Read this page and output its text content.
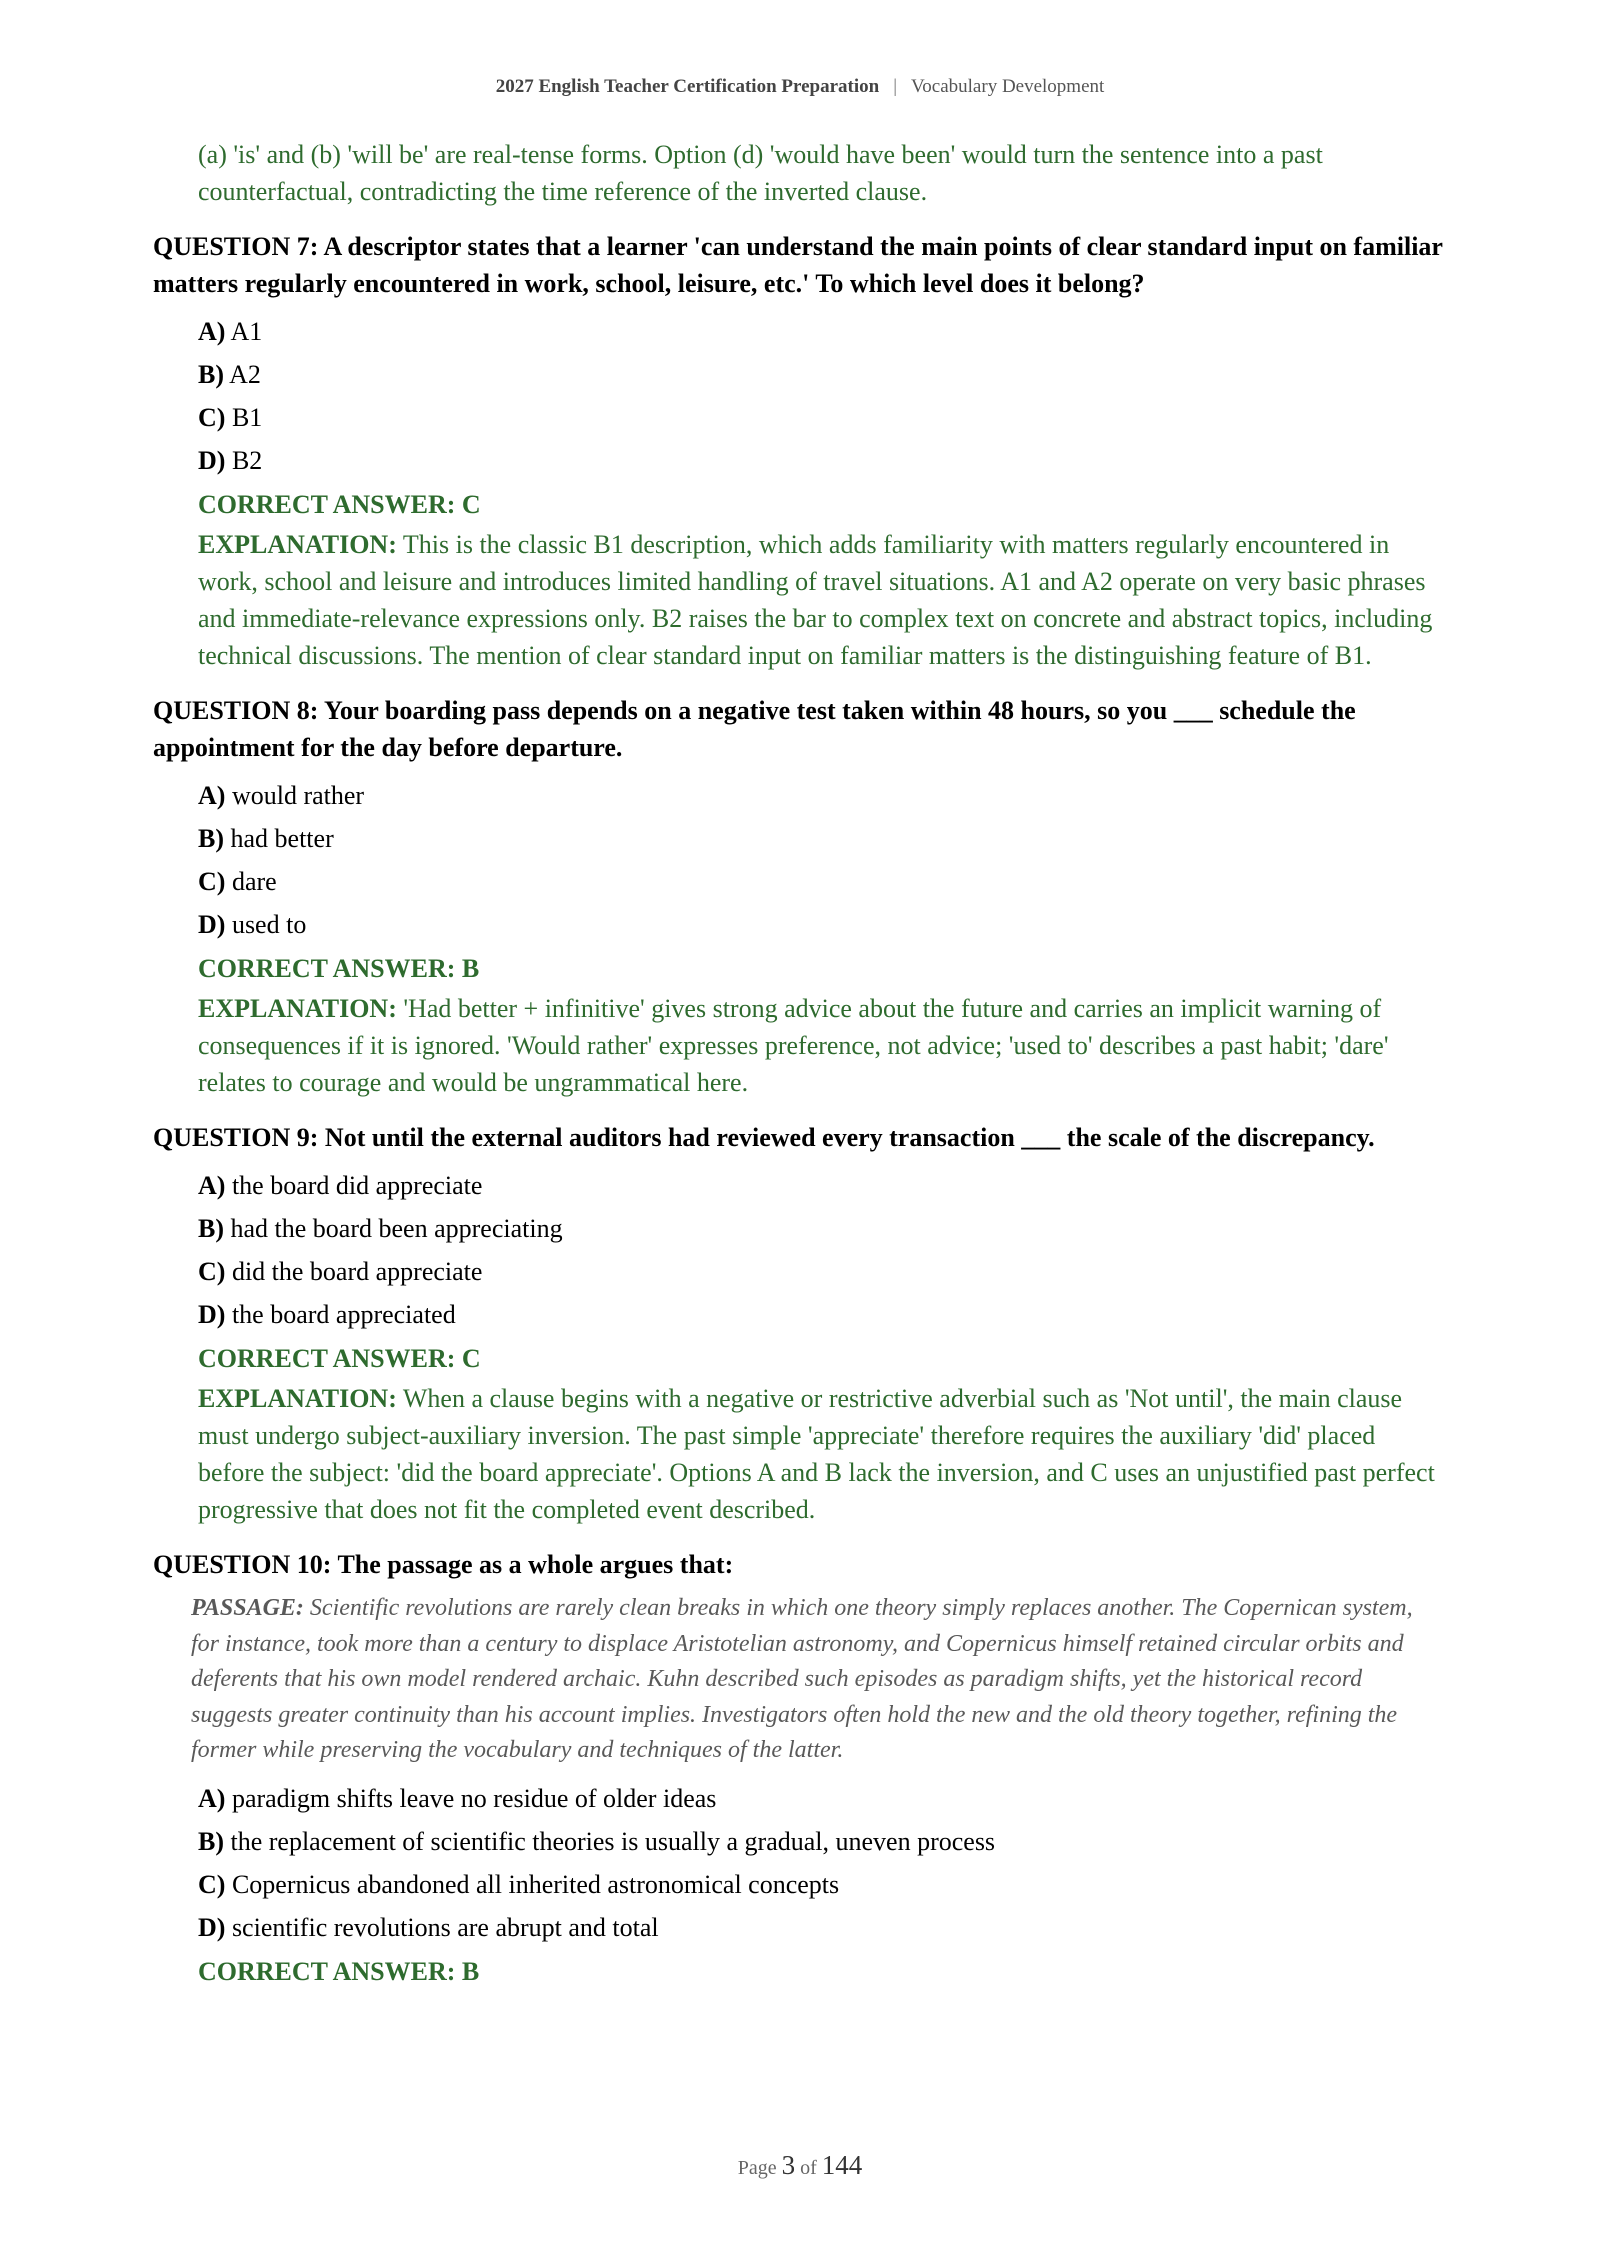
2027 English Teacher Certification Preparation | Vocabulary Development

(a) 'is' and (b) 'will be' are real-tense forms. Option (d) 'would have been' would turn the sentence into a past counterfactual, contradicting the time reference of the inverted clause.

QUESTION 7: A descriptor states that a learner 'can understand the main points of clear standard input on familiar matters regularly encountered in work, school, leisure, etc.' To which level does it belong?

A) A1
B) A2
C) B1
D) B2

CORRECT ANSWER: C

EXPLANATION: This is the classic B1 description, which adds familiarity with matters regularly encountered in work, school and leisure and introduces limited handling of travel situations. A1 and A2 operate on very basic phrases and immediate-relevance expressions only. B2 raises the bar to complex text on concrete and abstract topics, including technical discussions. The mention of clear standard input on familiar matters is the distinguishing feature of B1.

QUESTION 8: Your boarding pass depends on a negative test taken within 48 hours, so you ___ schedule the appointment for the day before departure.

A) would rather
B) had better
C) dare
D) used to

CORRECT ANSWER: B

EXPLANATION: 'Had better + infinitive' gives strong advice about the future and carries an implicit warning of consequences if it is ignored. 'Would rather' expresses preference, not advice; 'used to' describes a past habit; 'dare' relates to courage and would be ungrammatical here.

QUESTION 9: Not until the external auditors had reviewed every transaction ___ the scale of the discrepancy.

A) the board did appreciate
B) had the board been appreciating
C) did the board appreciate
D) the board appreciated

CORRECT ANSWER: C

EXPLANATION: When a clause begins with a negative or restrictive adverbial such as 'Not until', the main clause must undergo subject-auxiliary inversion. The past simple 'appreciate' therefore requires the auxiliary 'did' placed before the subject: 'did the board appreciate'. Options A and B lack the inversion, and C uses an unjustified past perfect progressive that does not fit the completed event described.

QUESTION 10: The passage as a whole argues that:

PASSAGE: Scientific revolutions are rarely clean breaks in which one theory simply replaces another. The Copernican system, for instance, took more than a century to displace Aristotelian astronomy, and Copernicus himself retained circular orbits and deferents that his own model rendered archaic. Kuhn described such episodes as paradigm shifts, yet the historical record suggests greater continuity than his account implies. Investigators often hold the new and the old theory together, refining the former while preserving the vocabulary and techniques of the latter.

A) paradigm shifts leave no residue of older ideas
B) the replacement of scientific theories is usually a gradual, uneven process
C) Copernicus abandoned all inherited astronomical concepts
D) scientific revolutions are abrupt and total

CORRECT ANSWER: B

Page 3 of 144
